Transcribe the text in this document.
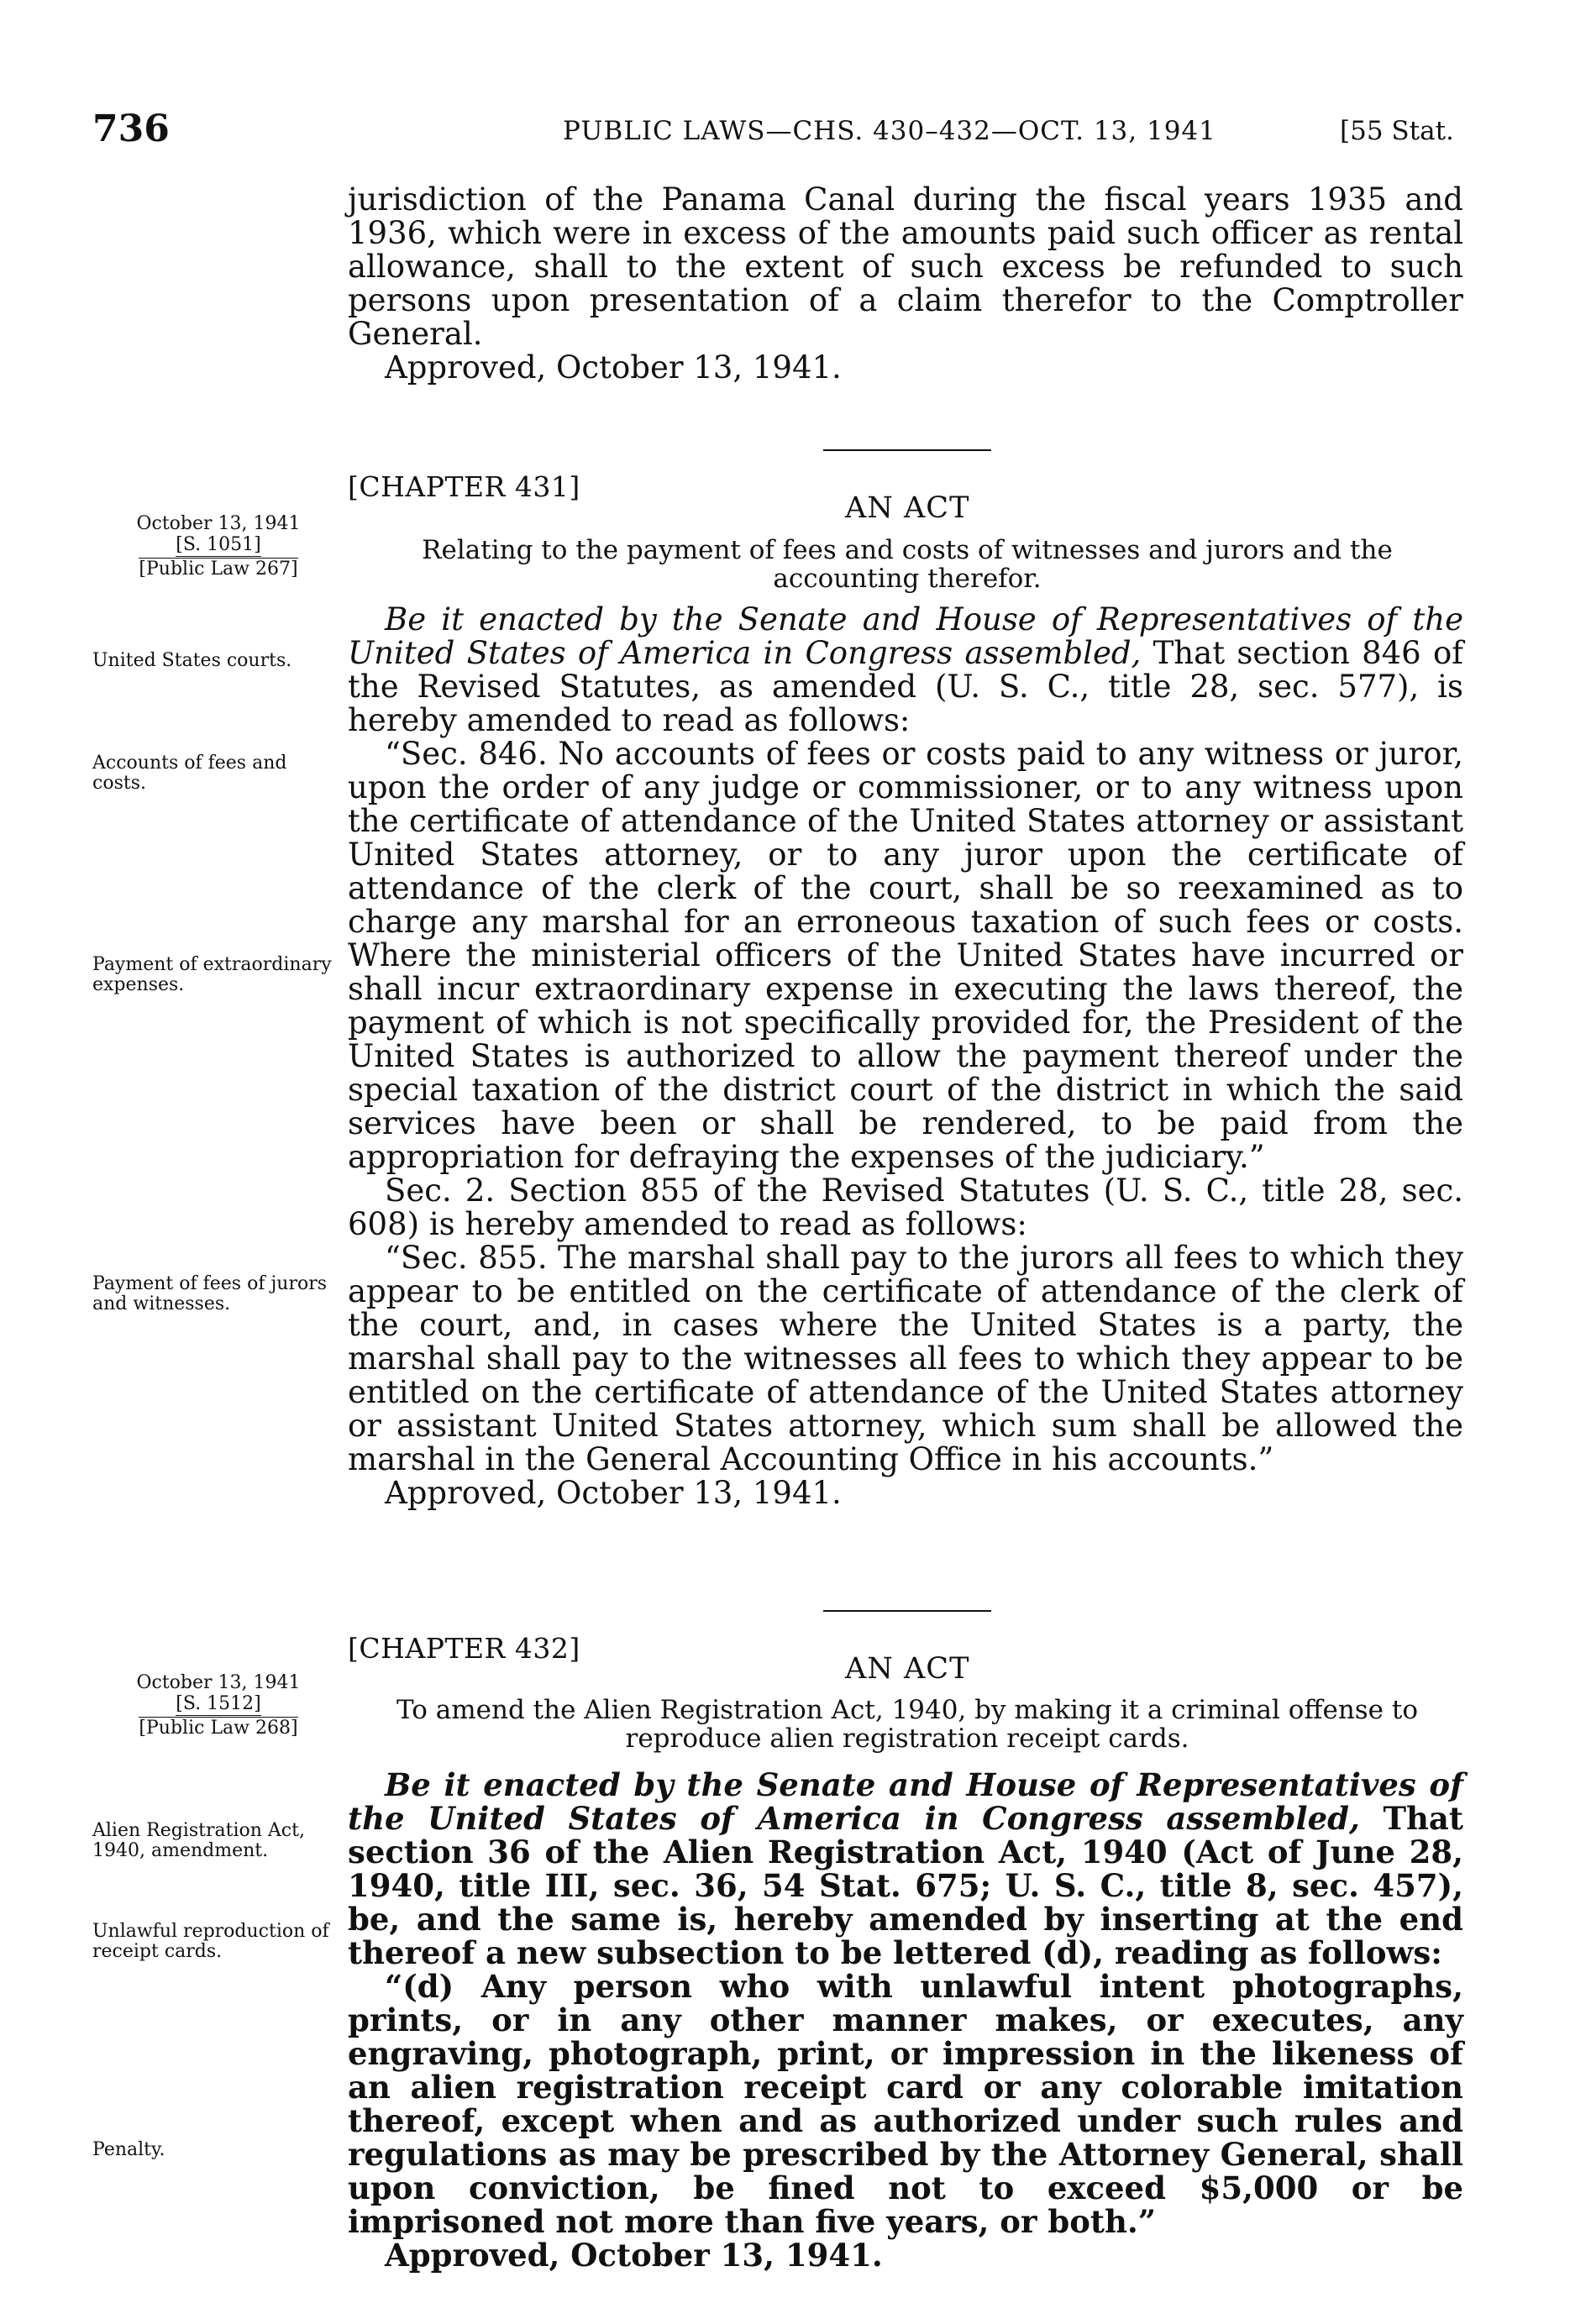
736	PUBLIC LAWS—CHS. 430–432—OCT. 13, 1941	[55 Stat.

jurisdiction of the Panama Canal during the fiscal years 1935 and 1936, which were in excess of the amounts paid such officer as rental allowance, shall to the extent of such excess be refunded to such persons upon presentation of a claim therefor to the Comptroller General.

Approved, October 13, 1941.

[CHAPTER 431]
AN ACT
Relating to the payment of fees and costs of witnesses and jurors and the accounting therefor.
October 13, 1941
[S. 1051]
[Public Law 267]
United States courts.
Accounts of fees and costs.
Payment of extraordinary expenses.
Payment of fees of jurors and witnesses.

Be it enacted by the Senate and House of Representatives of the United States of America in Congress assembled, That section 846 of the Revised Statutes, as amended (U. S. C., title 28, sec. 577), is hereby amended to read as follows:

“Sec. 846. No accounts of fees or costs paid to any witness or juror, upon the order of any judge or commissioner, or to any witness upon the certificate of attendance of the United States attorney or assistant United States attorney, or to any juror upon the certificate of attendance of the clerk of the court, shall be so reexamined as to charge any marshal for an erroneous taxation of such fees or costs. Where the ministerial officers of the United States have incurred or shall incur extraordinary expense in executing the laws thereof, the payment of which is not specifically provided for, the President of the United States is authorized to allow the payment thereof under the special taxation of the district court of the district in which the said services have been or shall be rendered, to be paid from the appropriation for defraying the expenses of the judiciary.”

Sec. 2. Section 855 of the Revised Statutes (U. S. C., title 28, sec. 608) is hereby amended to read as follows:

“Sec. 855. The marshal shall pay to the jurors all fees to which they appear to be entitled on the certificate of attendance of the clerk of the court, and, in cases where the United States is a party, the marshal shall pay to the witnesses all fees to which they appear to be entitled on the certificate of attendance of the United States attorney or assistant United States attorney, which sum shall be allowed the marshal in the General Accounting Office in his accounts.”

Approved, October 13, 1941.

[CHAPTER 432]
AN ACT
To amend the Alien Registration Act, 1940, by making it a criminal offense to reproduce alien registration receipt cards.
October 13, 1941
[S. 1512]
[Public Law 268]
Alien Registration Act, 1940, amendment.
Unlawful reproduction of receipt cards.
Penalty.

Be it enacted by the Senate and House of Representatives of the United States of America in Congress assembled, That section 36 of the Alien Registration Act, 1940 (Act of June 28, 1940, title III, sec. 36, 54 Stat. 675; U. S. C., title 8, sec. 457), be, and the same is, hereby amended by inserting at the end thereof a new subsection to be lettered (d), reading as follows:

“(d) Any person who with unlawful intent photographs, prints, or in any other manner makes, or executes, any engraving, photograph, print, or impression in the likeness of an alien registration receipt card or any colorable imitation thereof, except when and as authorized under such rules and regulations as may be prescribed by the Attorney General, shall upon conviction, be fined not to exceed $5,000 or be imprisoned not more than five years, or both.”

Approved, October 13, 1941.
